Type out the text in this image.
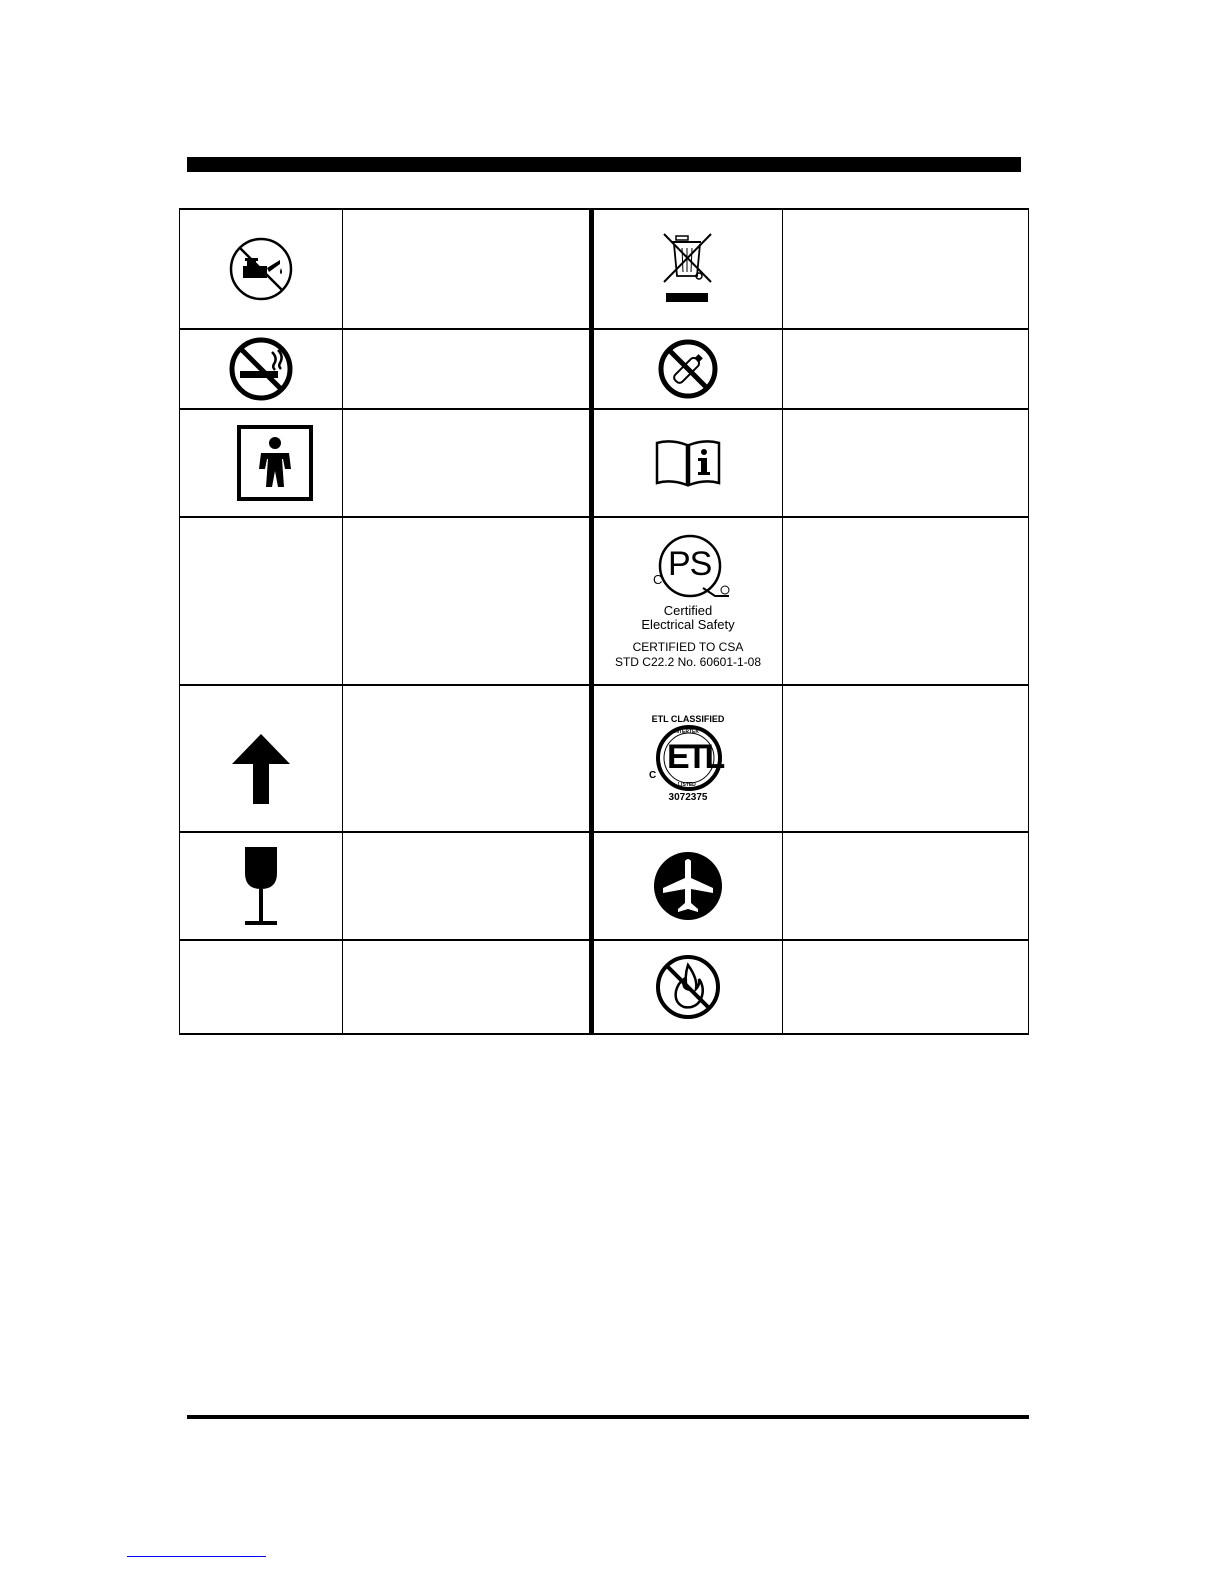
C PS
Certified
Electrical Safety
CERTIFIED TO CSA
STD C22.2 No. 60601-1-08
ETL CLASSIFIED
ETL
C
INTERTEK
LISTED
3072375
